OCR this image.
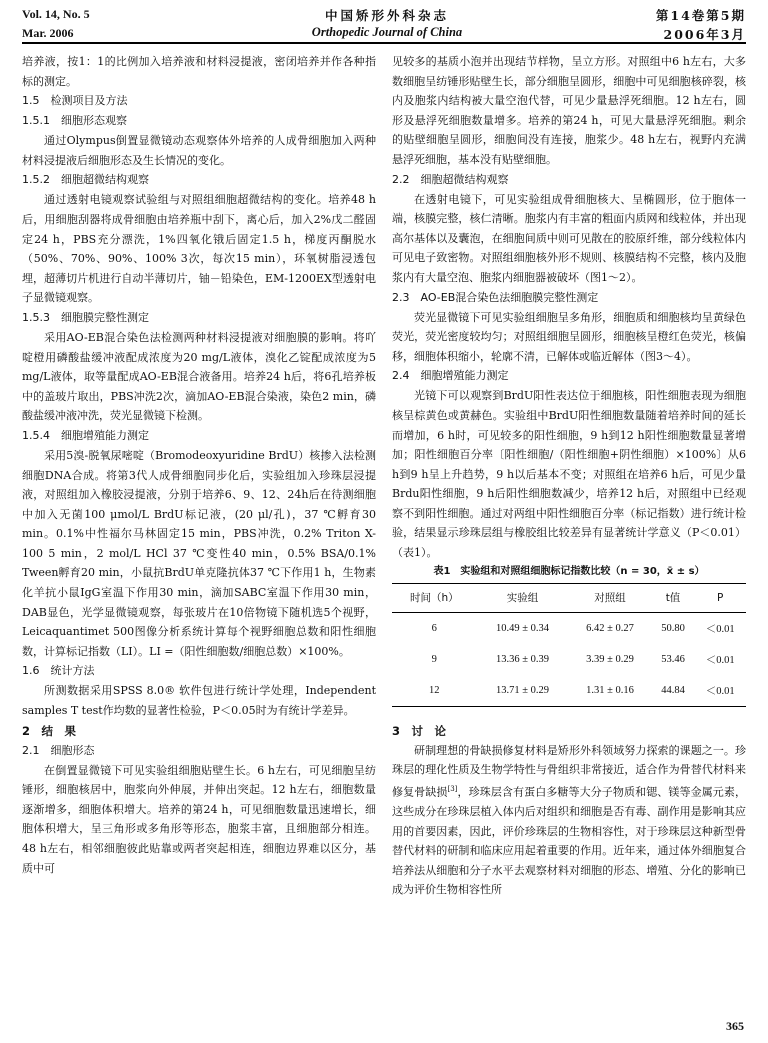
Vol. 14, No. 5
Mar. 2006
中国矫形外科杂志
Orthopedic Journal of China
第14卷第5期
2006年3月

培养液，按1：1的比例加入培养液和材料浸提液，密闭培养并作各种指标的测定。

1.5　检测项目及方法
1.5.1　细胞形态观察

通过Olympus倒置显微镜动态观察体外培养的人成骨细胞加入两种材料浸提液后细胞形态及生长情况的变化。

1.5.2　细胞超微结构观察

通过透射电镜观察试验组与对照组细胞超微结构的变化。培养48 h后，用细胞刮器将成骨细胞由培养瓶中刮下，离心后，加入2%戊二醛固定24 h，PBS充分漂洗，1%四氧化锇后固定1.5 h，梯度丙酮脱水（50%、70%、90%、100% 3次，每次15 min），环氧树脂浸透包埋，超薄切片机进行自动半薄切片，铀－铅染色，EM-1200EX型透射电子显微镜观察。

1.5.3　细胞膜完整性测定

采用AO-EB混合染色法检测两种材料浸提液对细胞膜的影响。将吖啶橙用磷酸盐缓冲液配成浓度为20 mg/L液体，溴化乙锭配成浓度为5 mg/L液体，取等量配成AO-EB混合液备用。培养24 h后，将6孔培养板中的盖玻片取出，PBS冲洗2次，滴加AO-EB混合染液，染色2 min，磷酸盐缓冲液冲洗，荧光显微镜下检测。

1.5.4　细胞增殖能力测定

采用5溴-脱氧尿嘧啶（Bromodeoxyuridine BrdU）核掺入法检测细胞DNA合成。将第3代人成骨细胞同步化后，实验组加入珍珠层浸提液，对照组加入橡胶浸提液，分别于培养6、9、12、24h后在待测细胞中加入无菌100 μmol/L BrdU标记液，(20 μl/孔)，37 ℃孵育30 min。0.1%中性福尔马林固定15 min，PBS冲洗，0.2% Triton X-100 5 min，2 mol/L HCl 37 ℃变性40 min，0.5% BSA/0.1% Tween孵育20 min，小鼠抗BrdU单克隆抗体37 ℃下作用1 h，生物素化羊抗小鼠IgG室温下作用30 min，滴加SABC室温下作用30 min，DAB显色，光学显微镜观察，每张玻片在10倍物镜下随机选5个视野，Leicaquantimet 500图像分析系统计算每个视野细胞总数和阳性细胞数，计算标记指数（LI）。LI =（阳性细胞数/细胞总数）×100%。

1.6　统计方法

所测数据采用SPSS 8.0® 软件包进行统计学处理，Independent samples T test作均数的显著性检验，P＜0.05时为有统计学差异。

2　结　果
2.1　细胞形态

在倒置显微镜下可见实验组细胞贴壁生长。6 h左右，可见细胞呈纺锤形，细胞核居中，胞浆向外伸展，并伸出突起。12 h左右，细胞数量逐渐增多，细胞体积增大。培养的第24 h，可见细胞数量迅速增长，细胞体积增大，呈三角形或多角形等形态，胞浆丰富，且细胞部分相连。48 h左右，相邻细胞彼此贴靠或两者突起相连，细胞边界难以区分，基质中可

见较多的基质小泡并出现结节样物，呈立方形。对照组中6 h左右，大多数细胞呈纺锤形贴壁生长，部分细胞呈圆形，细胞中可见细胞核碎裂，核内及胞浆内结构被大量空泡代替，可见少量悬浮死细胞。12 h左右，圆形及悬浮死细胞数量增多。培养的第24 h，可见大量悬浮死细胞。剩余的贴壁细胞呈圆形，细胞间没有连接，胞浆少。48 h左右，视野内充满悬浮死细胞，基本没有贴壁细胞。

2.2　细胞超微结构观察

在透射电镜下，可见实验组成骨细胞核大、呈椭圆形，位于胞体一端，核膜完整，核仁清晰。胞浆内有丰富的粗面内质网和线粒体，并出现高尔基体以及囊泡，在细胞间质中则可见散在的胶原纤维，部分线粒体内可见电子致密物。对照组细胞核外形不规则、核膜结构不完整，核内及胞浆内有大量空泡、胞浆内细胞器被破坏（图1～2）。

2.3　AO-EB混合染色法细胞膜完整性测定

荧光显微镜下可见实验组细胞呈多角形，细胞质和细胞核均呈黄绿色荧光，荧光密度较均匀；对照组细胞呈圆形，细胞核呈橙红色荧光，核偏移，细胞体积缩小，轮廓不清，已解体或临近解体（图3～4）。

2.4　细胞增殖能力测定

光镜下可以观察到BrdU阳性表达位于细胞核，阳性细胞表现为细胞核呈棕黄色或黄赫色。实验组中BrdU阳性细胞数量随着培养时间的延长而增加，6 h时，可见较多的阳性细胞，9 h到12 h阳性细胞数量显著增加；阳性细胞百分率〔阳性细胞/（阳性细胞+阴性细胞）×100%〕从6 h到9 h呈上升趋势，9 h以后基本不变；对照组在培养6 h后，可见少量Brdu阳性细胞，9 h后阳性细胞数减少，培养12 h后，对照组中已经观察不到阳性细胞。通过对两组中阳性细胞百分率（标记指数）进行统计检验，结果显示珍珠层组与橡胶组比较差异有显著统计学意义（P＜0.01）（表1）。

表1　实验组和对照组细胞标记指数比较（n = 30，x̄ ± s）
时间（h）	实验组	对照组	t值	P
6	10.49 ± 0.34	6.42 ± 0.27	50.80	＜0.01
9	13.36 ± 0.39	3.39 ± 0.29	53.46	＜0.01
12	13.71 ± 0.29	1.31 ± 0.16	44.84	＜0.01
3　讨　论

研制理想的骨缺损修复材料是矫形外科领域努力探索的课题之一。珍珠层的理化性质及生物学特性与骨组织非常接近，适合作为骨替代材料来修复骨缺损[3]，珍珠层含有蛋白多糖等大分子物质和锶、镁等金属元素，这些成分在珍珠层植入体内后对组织和细胞是否有毒、副作用是影响其应用的首要因素，因此，评价珍珠层的生物相容性，对于珍珠层这种新型骨替代材料的研制和临床应用起着重要的作用。近年来，通过体外细胞复合培养法从细胞和分子水平去观察材料对细胞的形态、增殖、分化的影响已成为评价生物相容性所

365
